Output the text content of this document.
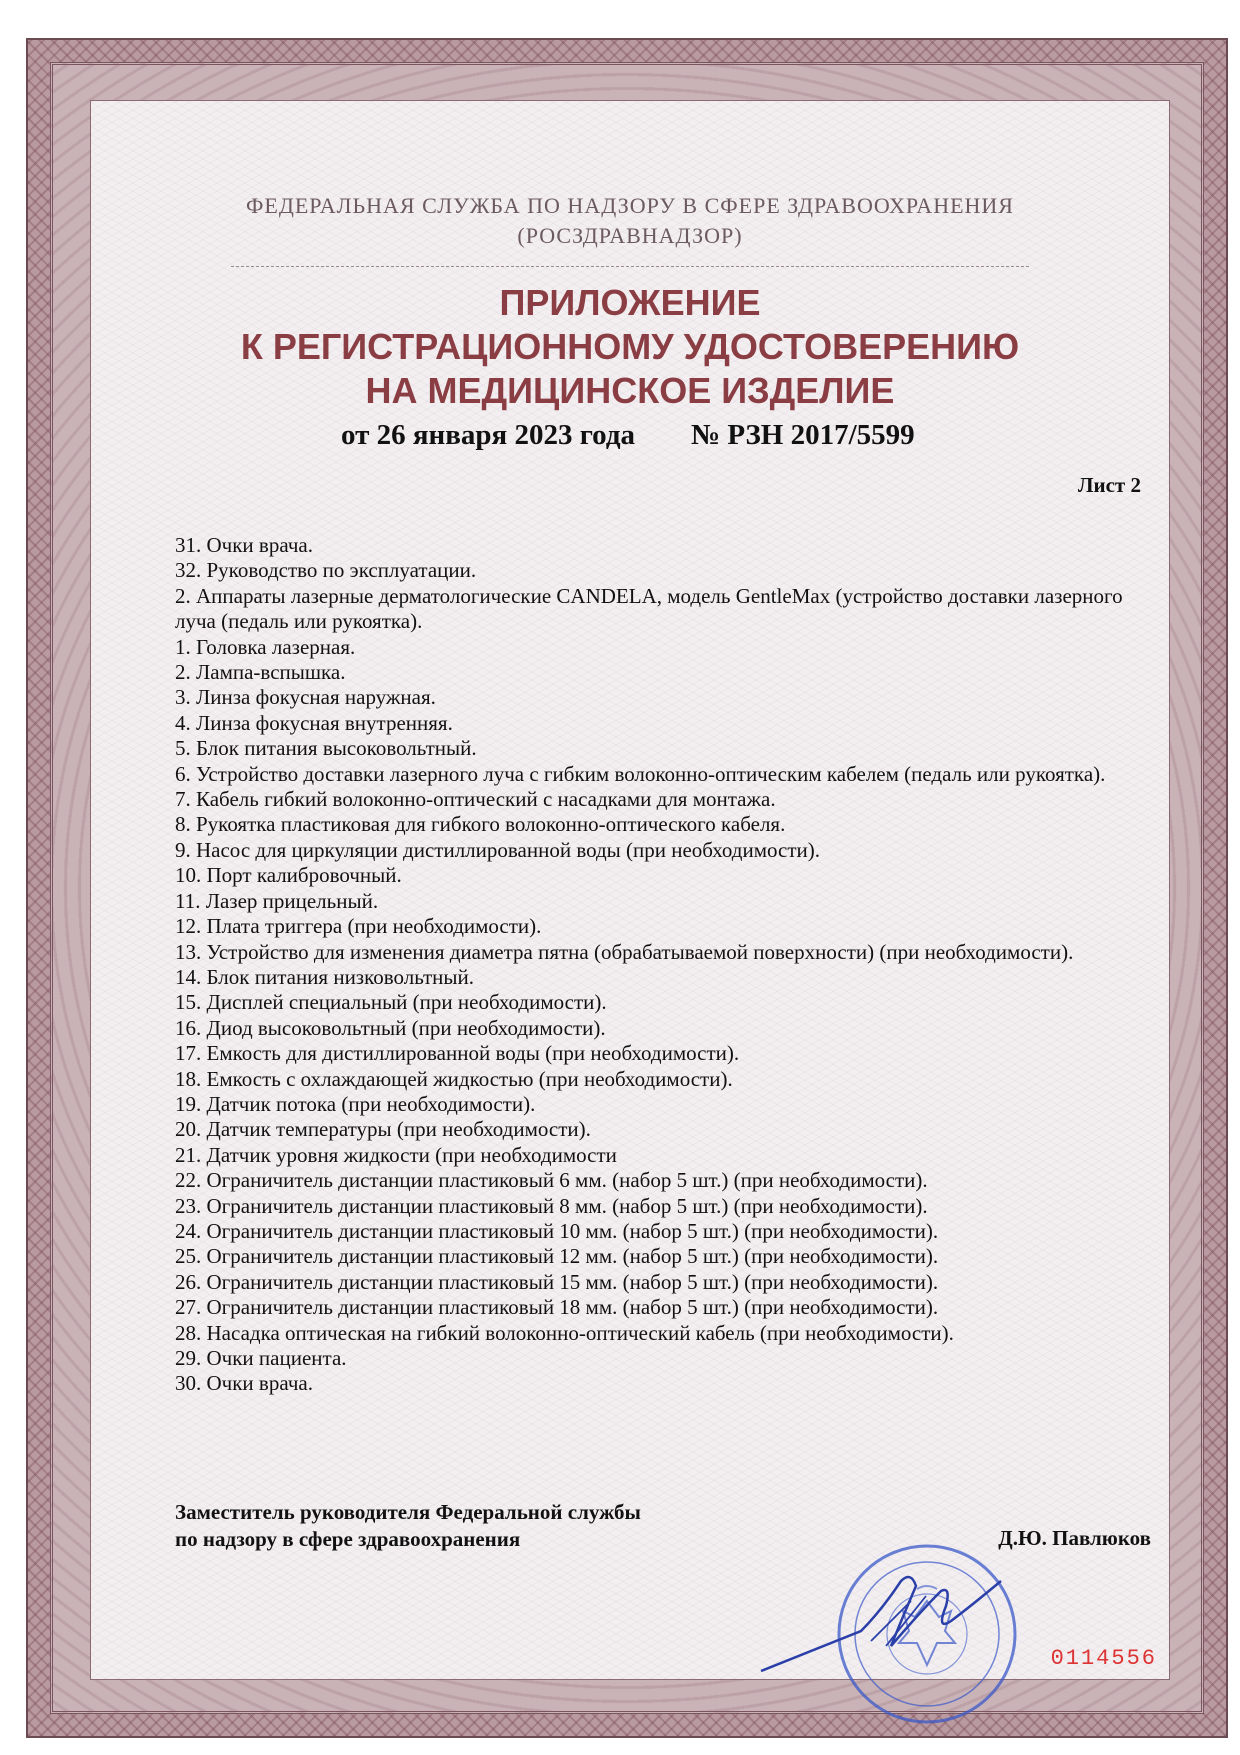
ФЕДЕРАЛЬНАЯ СЛУЖБА ПО НАДЗОРУ В СФЕРЕ ЗДРАВООХРАНЕНИЯ
(РОСЗДРАВНАДЗОР)
ПРИЛОЖЕНИЕ
К РЕГИСТРАЦИОННОМУ УДОСТОВЕРЕНИЮ
НА МЕДИЦИНСКОЕ ИЗДЕЛИЕ
от 26 января 2023 года № РЗН 2017/5599
Лист 2

31. Очки врача.

32. Руководство по эксплуатации.

2. Аппараты лазерные дерматологические CANDELA, модель GentleMax (устройство доставки лазерного луча (педаль или рукоятка).

1. Головка лазерная.

2. Лампа-вспышка.

3. Линза фокусная наружная.

4. Линза фокусная внутренняя.

5. Блок питания высоковольтный.

6. Устройство доставки лазерного луча с гибким волоконно-оптическим кабелем (педаль или рукоятка).

7. Кабель гибкий волоконно-оптический с насадками для монтажа.

8. Рукоятка пластиковая для гибкого волоконно-оптического кабеля.

9. Насос для циркуляции дистиллированной воды (при необходимости).

10. Порт калибровочный.

11. Лазер прицельный.

12. Плата триггера (при необходимости).

13. Устройство для изменения диаметра пятна (обрабатываемой поверхности) (при необходимости).

14. Блок питания низковольтный.

15. Дисплей специальный (при необходимости).

16. Диод высоковольтный (при необходимости).

17. Емкость для дистиллированной воды (при необходимости).

18. Емкость с охлаждающей жидкостью (при необходимости).

19. Датчик потока (при необходимости).

20. Датчик температуры (при необходимости).

21. Датчик уровня жидкости (при необходимости

22. Ограничитель дистанции пластиковый 6 мм. (набор 5 шт.) (при необходимости).

23. Ограничитель дистанции пластиковый 8 мм. (набор 5 шт.) (при необходимости).

24. Ограничитель дистанции пластиковый 10 мм. (набор 5 шт.) (при необходимости).

25. Ограничитель дистанции пластиковый 12 мм. (набор 5 шт.) (при необходимости).

26. Ограничитель дистанции пластиковый 15 мм. (набор 5 шт.) (при необходимости).

27. Ограничитель дистанции пластиковый 18 мм. (набор 5 шт.) (при необходимости).

28. Насадка оптическая на гибкий волоконно-оптический кабель (при необходимости).

29. Очки пациента.

30. Очки врача.

Заместитель руководителя Федеральной службы
по надзору в сфере здравоохранения	Д.Ю. Павлюков
0114556
